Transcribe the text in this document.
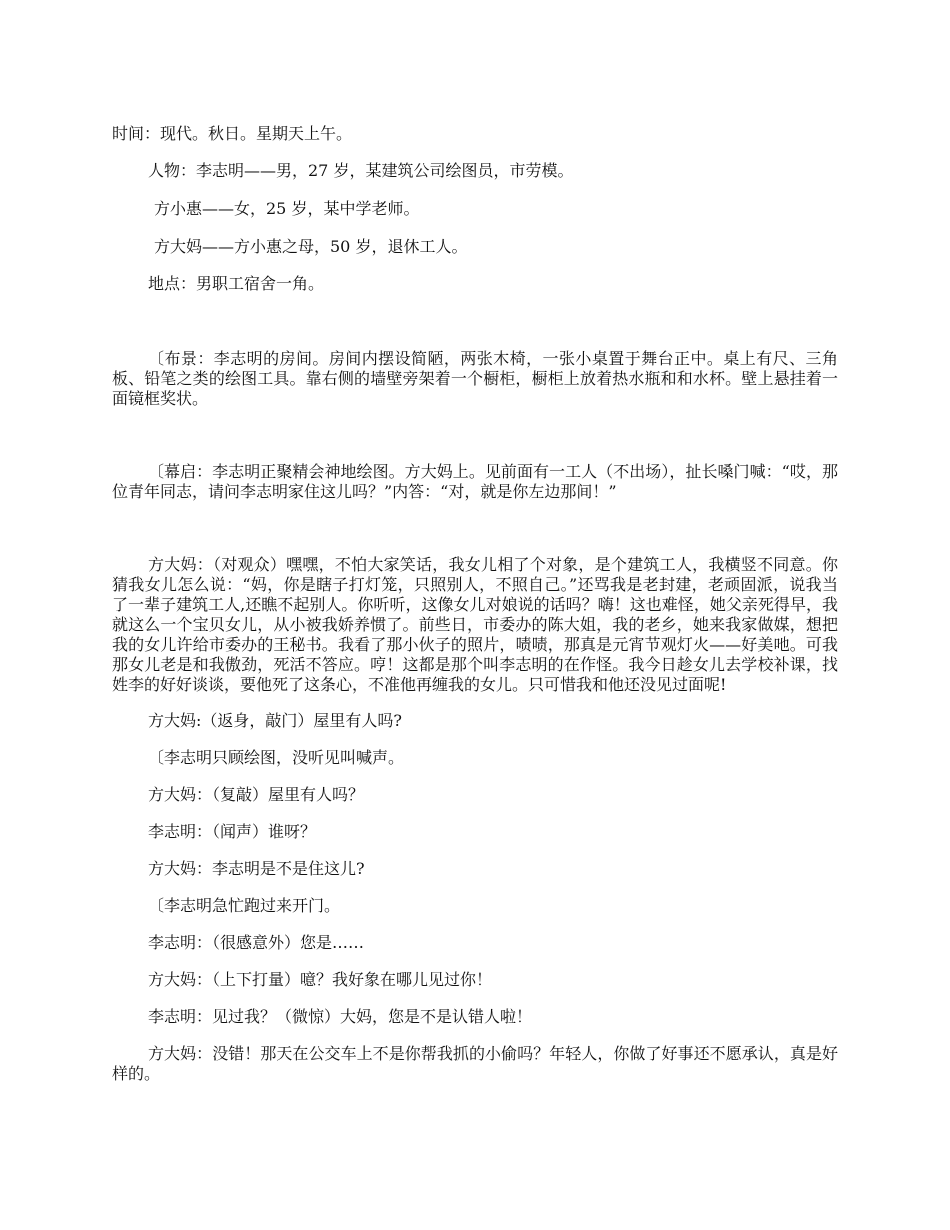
时间：现代。秋日。星期天上午。

人物：李志明——男，27 岁，某建筑公司绘图员，市劳模。

方小惠——女，25 岁，某中学老师。

方大妈——方小惠之母，50 岁，退休工人。

地点：男职工宿舍一角。

〔布景：李志明的房间。房间内摆设简陋，两张木椅，一张小桌置于舞台正中。桌上有尺、三角板、铅笔之类的绘图工具。靠右侧的墙壁旁架着一个橱柜，橱柜上放着热水瓶和和水杯。壁上悬挂着一面镜框奖状。

〔幕启：李志明正聚精会神地绘图。方大妈上。见前面有一工人（不出场），扯长嗓门喊：“哎，那位青年同志，请问李志明家住这儿吗？”内答：“对，就是你左边那间！”

方大妈：（对观众）嘿嘿，不怕大家笑话，我女儿相了个对象，是个建筑工人，我横竖不同意。你猜我女儿怎么说：“妈，你是瞎子打灯笼，只照别人，不照自己。”还骂我是老封建，老顽固派，说我当了一辈子建筑工人,还瞧不起别人。你听听，这像女儿对娘说的话吗？嗨！这也难怪，她父亲死得早，我就这么一个宝贝女儿，从小被我娇养惯了。前些日，市委办的陈大姐，我的老乡，她来我家做媒，想把我的女儿许给市委办的王秘书。我看了那小伙子的照片，啧啧，那真是元宵节观灯火——好美吔。可我那女儿老是和我傲劲，死活不答应。哼！这都是那个叫李志明的在作怪。我今日趁女儿去学校补课，找姓李的好好谈谈，要他死了这条心，不准他再缠我的女儿。只可惜我和他还没见过面呢!

方大妈:（返身，敲门）屋里有人吗?

〔李志明只顾绘图，没听见叫喊声。

方大妈：（复敲）屋里有人吗？

李志明：（闻声）谁呀？

方大妈：李志明是不是住这儿?

〔李志明急忙跑过来开门。

李志明：（很感意外）您是……

方大妈：（上下打量）噫？我好象在哪儿见过你！

李志明：见过我？（微惊）大妈，您是不是认错人啦！

方大妈：没错！那天在公交车上不是你帮我抓的小偷吗？年轻人，你做了好事还不愿承认，真是好样的。
